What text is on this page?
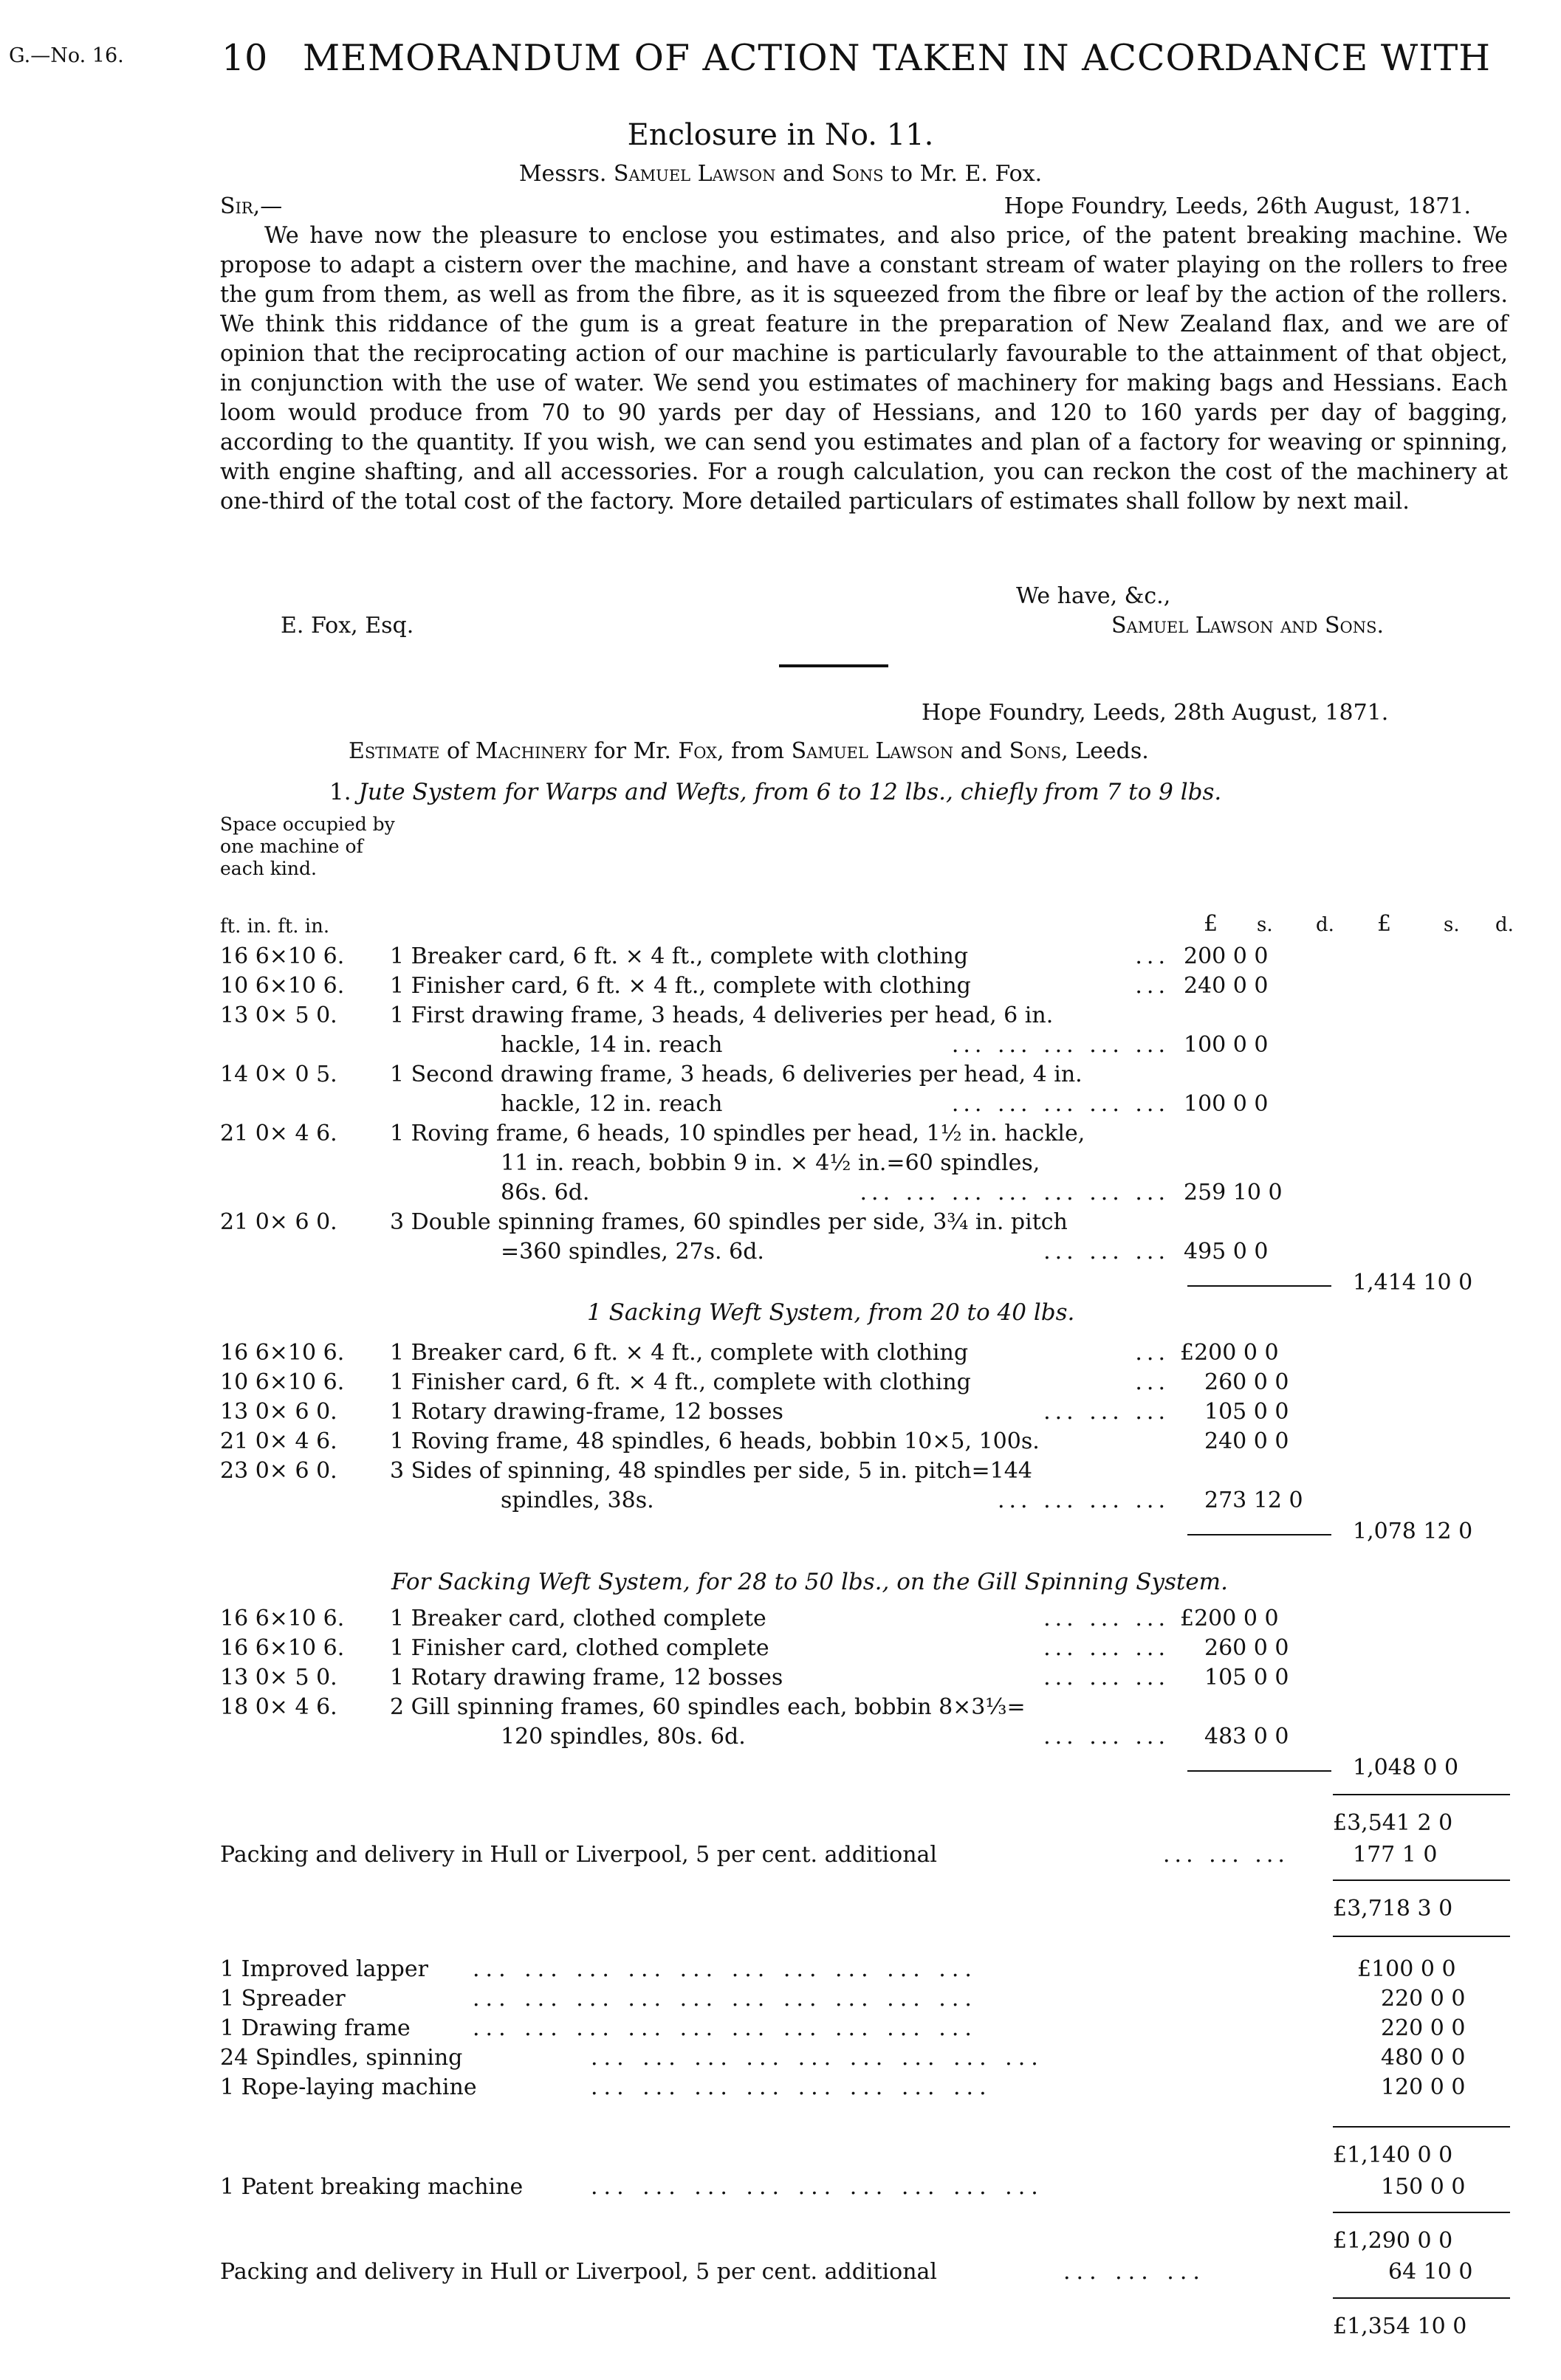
G.—No. 16.	10 MEMORANDUM OF ACTION TAKEN IN ACCORDANCE WITH
Enclosure in No. 11.
Messrs. Samuel Lawson and Sons to Mr. E. Fox.
Sir,—	Hope Foundry, Leeds, 26th August, 1871.
We have now the pleasure to enclose you estimates, and also price, of the patent breaking machine. We propose to adapt a cistern over the machine, and have a constant stream of water playing on the rollers to free the gum from them, as well as from the fibre, as it is squeezed from the fibre or leaf by the action of the rollers. We think this riddance of the gum is a great feature in the preparation of New Zealand flax, and we are of opinion that the reciprocating action of our machine is particularly favourable to the attainment of that object, in conjunction with the use of water. We send you estimates of machinery for making bags and Hessians. Each loom would produce from 70 to 90 yards per day of Hessians, and 120 to 160 yards per day of bagging, according to the quantity. If you wish, we can send you estimates and plan of a factory for weaving or spinning, with engine shafting, and all accessories. For a rough calculation, you can reckon the cost of the machinery at one-third of the total cost of the factory. More detailed particulars of estimates shall follow by next mail.
We have, &c.,
E. Fox, Esq.	Samuel Lawson and Sons.
Hope Foundry, Leeds, 28th August, 1871.
Estimate of Machinery for Mr. Fox, from Samuel Lawson and Sons, Leeds.
1. Jute System for Warps and Wefts, from 6 to 12 lbs., chiefly from 7 to 9 lbs.
Space occupied by one machine of each kind.
ft. in. ft. in.	£ s. d. £	s. d.
16 6×10 6. 1 Breaker card, 6 ft. × 4 ft., complete with clothing	... 200 0 0
10 6×10 6. 1 Finisher card, 6 ft. × 4 ft., complete with clothing	... 240 0 0
13 0× 5 0. 1 First drawing frame, 3 heads, 4 deliveries per head, 6 in.
hackle, 14 in. reach	... ... ... ... ... 100 0 0
14 0× 0 5. 1 Second drawing frame, 3 heads, 6 deliveries per head, 4 in.
hackle, 12 in. reach	... ... ... ... ... 100 0 0
21 0× 4 6. 1 Roving frame, 6 heads, 10 spindles per head, 1½ in. hackle,
11 in. reach, bobbin 9 in. × 4½ in.=60 spindles,
86s. 6d.	... ... ... ... ... ... ... 259 10 0
21 0× 6 0. 3 Double spinning frames, 60 spindles per side, 3¾ in. pitch
=360 spindles, 27s. 6d.	... ... ... 495 0 0
1,414 10 0
1 Sacking Weft System, from 20 to 40 lbs.
16 6×10 6. 1 Breaker card, 6 ft. × 4 ft., complete with clothing	... £200 0 0
10 6×10 6. 1 Finisher card, 6 ft. × 4 ft., complete with clothing	... 260 0 0
13 0× 6 0. 1 Rotary drawing-frame, 12 bosses	... ... ... 105 0 0
21 0× 4 6. 1 Roving frame, 48 spindles, 6 heads, bobbin 10×5, 100s.	240 0 0
23 0× 6 0. 3 Sides of spinning, 48 spindles per side, 5 in. pitch=144
spindles, 38s.	... ... ... ... 273 12 0
1,078 12 0
For Sacking Weft System, for 28 to 50 lbs., on the Gill Spinning System.
16 6×10 6. 1 Breaker card, clothed complete	... ... ... £200 0 0
16 6×10 6. 1 Finisher card, clothed complete	... ... ... 260 0 0
13 0× 5 0. 1 Rotary drawing frame, 12 bosses	... ... ... 105 0 0
18 0× 4 6. 2 Gill spinning frames, 60 spindles each, bobbin 8×3⅓=
120 spindles, 80s. 6d.	... ... ... 483 0 0
1,048 0 0
£3,541 2 0
Packing and delivery in Hull or Liverpool, 5 per cent. additional	... ... ...	177 1 0
£3,718 3 0
1 Improved lapper ... ... ... ... ... ... ... ... ... ...	£100 0 0
1 Spreader	... ... ... ... ... ... ... ... ... ...	220 0 0
1 Drawing frame	... ... ... ... ... ... ... ... ... ...	220 0 0
24 Spindles, spinning	... ... ... ... ... ... ... ... ...	480 0 0
1 Rope-laying machine	... ... ... ... ... ... ... ...	120 0 0
£1,140 0 0
1 Patent breaking machine	... ... ... ... ... ... ... ... ...	150 0 0
£1,290 0 0
Packing and delivery in Hull or Liverpool, 5 per cent. additional	... ... ...	64 10 0
£1,354 10 0
